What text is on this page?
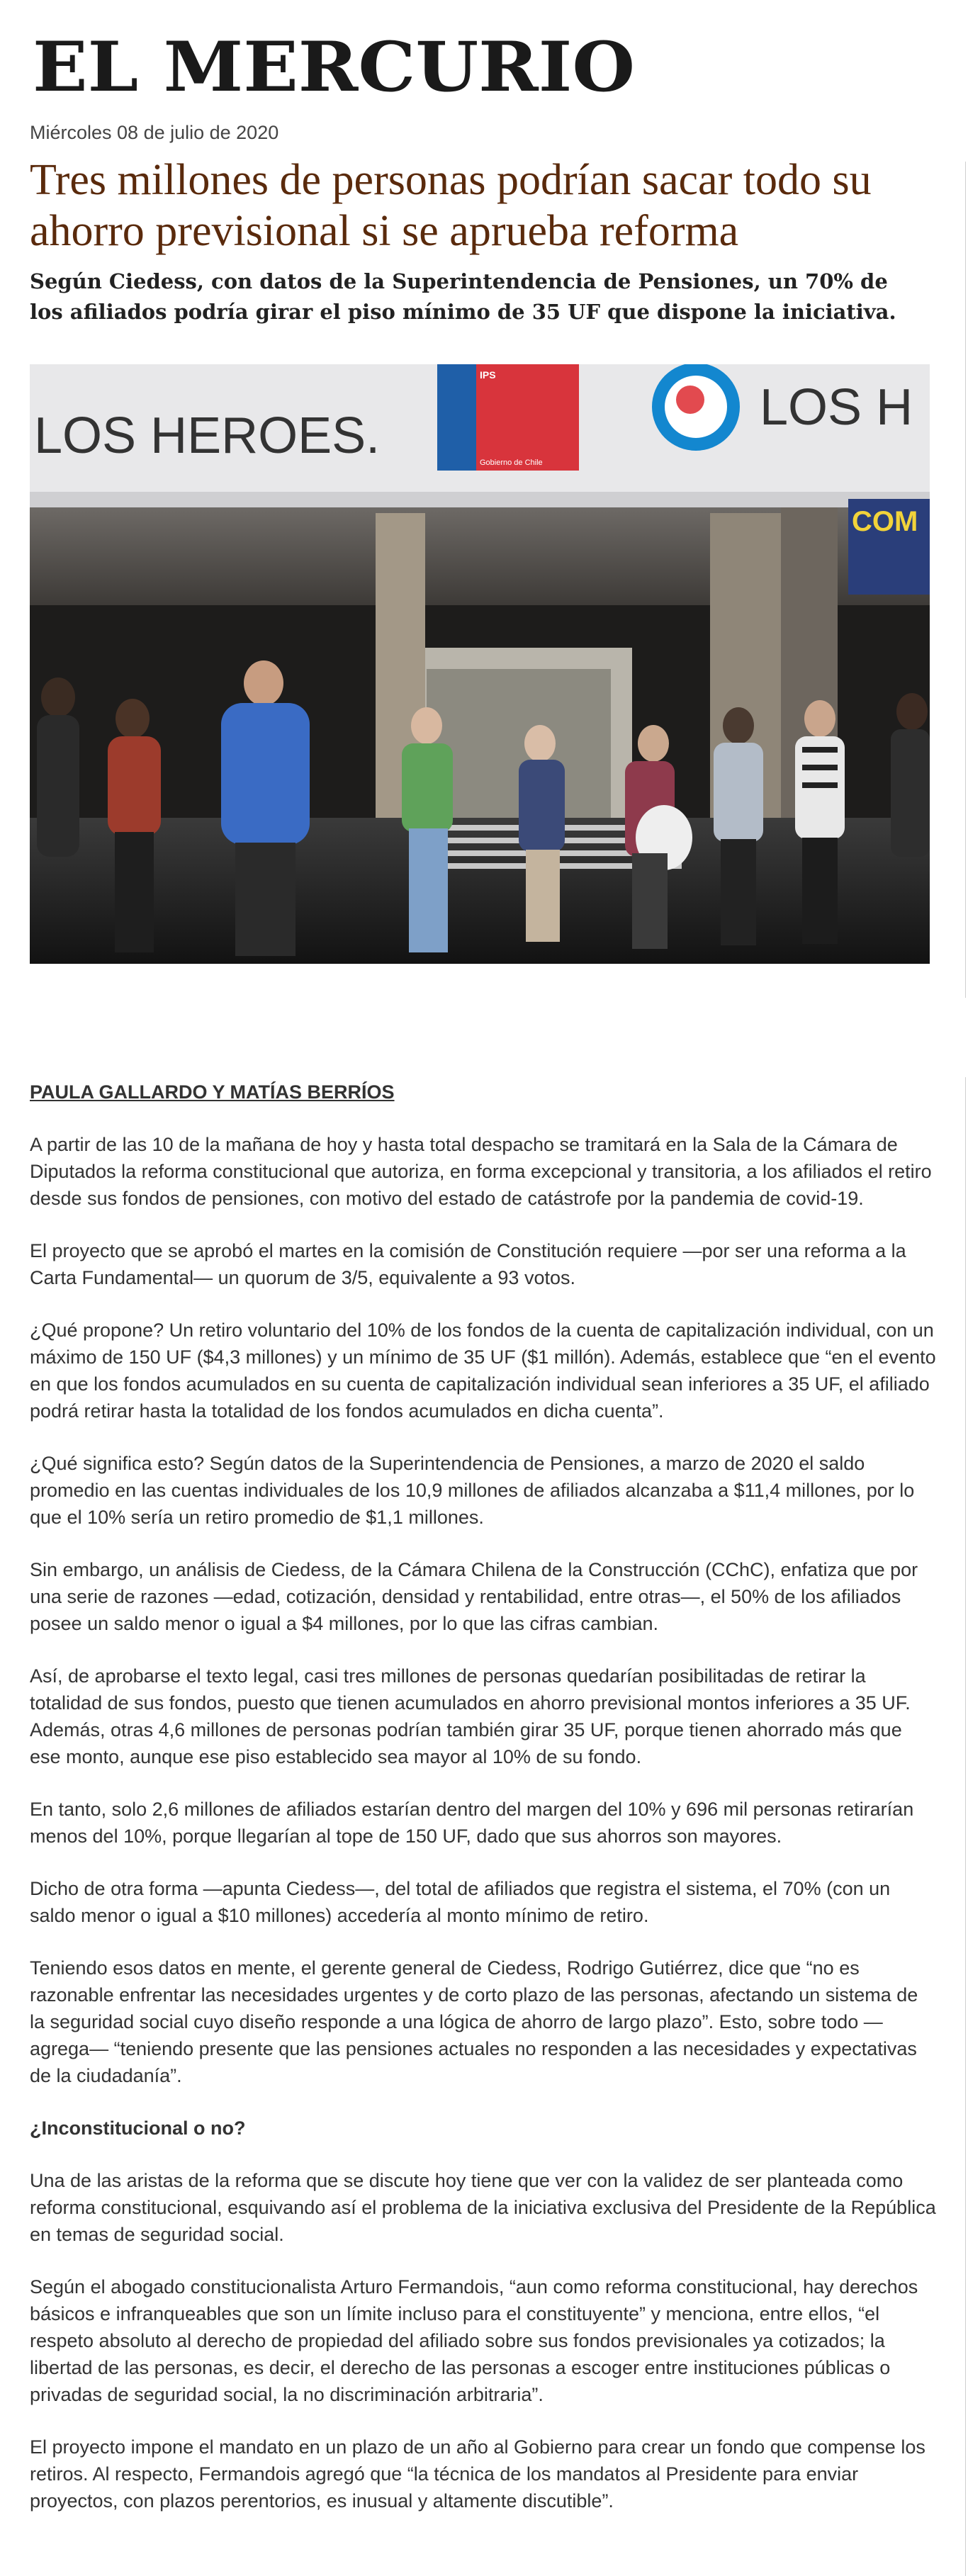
EL MERCURIO
Miércoles 08 de julio de 2020
Tres millones de personas podrían sacar todo su ahorro previsional si se aprueba reforma

Según Ciedess, con datos de la Superintendencia de Pensiones, un 70% de los afiliados podría girar el piso mínimo de 35 UF que dispone la iniciativa.

LOS HEROES.
IPS
Gobierno de Chile
LOS H
COM

PAULA GALLARDO Y MATÍAS BERRÍOS

A partir de las 10 de la mañana de hoy y hasta total despacho se tramitará en la Sala de la Cámara de Diputados la reforma constitucional que autoriza, en forma excepcional y transitoria, a los afiliados el retiro desde sus fondos de pensiones, con motivo del estado de catástrofe por la pandemia de covid-19.

El proyecto que se aprobó el martes en la comisión de Constitución requiere —por ser una reforma a la Carta Fundamental— un quorum de 3/5, equivalente a 93 votos.

¿Qué propone? Un retiro voluntario del 10% de los fondos de la cuenta de capitalización individual, con un máximo de 150 UF ($4,3 millones) y un mínimo de 35 UF ($1 millón). Además, establece que “en el evento en que los fondos acumulados en su cuenta de capitalización individual sean inferiores a 35 UF, el afiliado podrá retirar hasta la totalidad de los fondos acumulados en dicha cuenta”.

¿Qué significa esto? Según datos de la Superintendencia de Pensiones, a marzo de 2020 el saldo promedio en las cuentas individuales de los 10,9 millones de afiliados alcanzaba a $11,4 millones, por lo que el 10% sería un retiro promedio de $1,1 millones.

Sin embargo, un análisis de Ciedess, de la Cámara Chilena de la Construcción (CChC), enfatiza que por una serie de razones —edad, cotización, densidad y rentabilidad, entre otras—, el 50% de los afiliados posee un saldo menor o igual a $4 millones, por lo que las cifras cambian.

Así, de aprobarse el texto legal, casi tres millones de personas quedarían posibilitadas de retirar la totalidad de sus fondos, puesto que tienen acumulados en ahorro previsional montos inferiores a 35 UF. Además, otras 4,6 millones de personas podrían también girar 35 UF, porque tienen ahorrado más que ese monto, aunque ese piso establecido sea mayor al 10% de su fondo.

En tanto, solo 2,6 millones de afiliados estarían dentro del margen del 10% y 696 mil personas retirarían menos del 10%, porque llegarían al tope de 150 UF, dado que sus ahorros son mayores.

Dicho de otra forma —apunta Ciedess—, del total de afiliados que registra el sistema, el 70% (con un saldo menor o igual a $10 millones) accedería al monto mínimo de retiro.

Teniendo esos datos en mente, el gerente general de Ciedess, Rodrigo Gutiérrez, dice que “no es razonable enfrentar las necesidades urgentes y de corto plazo de las personas, afectando un sistema de la seguridad social cuyo diseño responde a una lógica de ahorro de largo plazo”. Esto, sobre todo —agrega— “teniendo presente que las pensiones actuales no responden a las necesidades y expectativas de la ciudadanía”.

¿Inconstitucional o no?

Una de las aristas de la reforma que se discute hoy tiene que ver con la validez de ser planteada como reforma constitucional, esquivando así el problema de la iniciativa exclusiva del Presidente de la República en temas de seguridad social.

Según el abogado constitucionalista Arturo Fermandois, “aun como reforma constitucional, hay derechos básicos e infranqueables que son un límite incluso para el constituyente” y menciona, entre ellos, “el respeto absoluto al derecho de propiedad del afiliado sobre sus fondos previsionales ya cotizados; la libertad de las personas, es decir, el derecho de las personas a escoger entre instituciones públicas o privadas de seguridad social, la no discriminación arbitraria”.

El proyecto impone el mandato en un plazo de un año al Gobierno para crear un fondo que compense los retiros. Al respecto, Fermandois agregó que “la técnica de los mandatos al Presidente para enviar proyectos, con plazos perentorios, es inusual y altamente discutible”.
